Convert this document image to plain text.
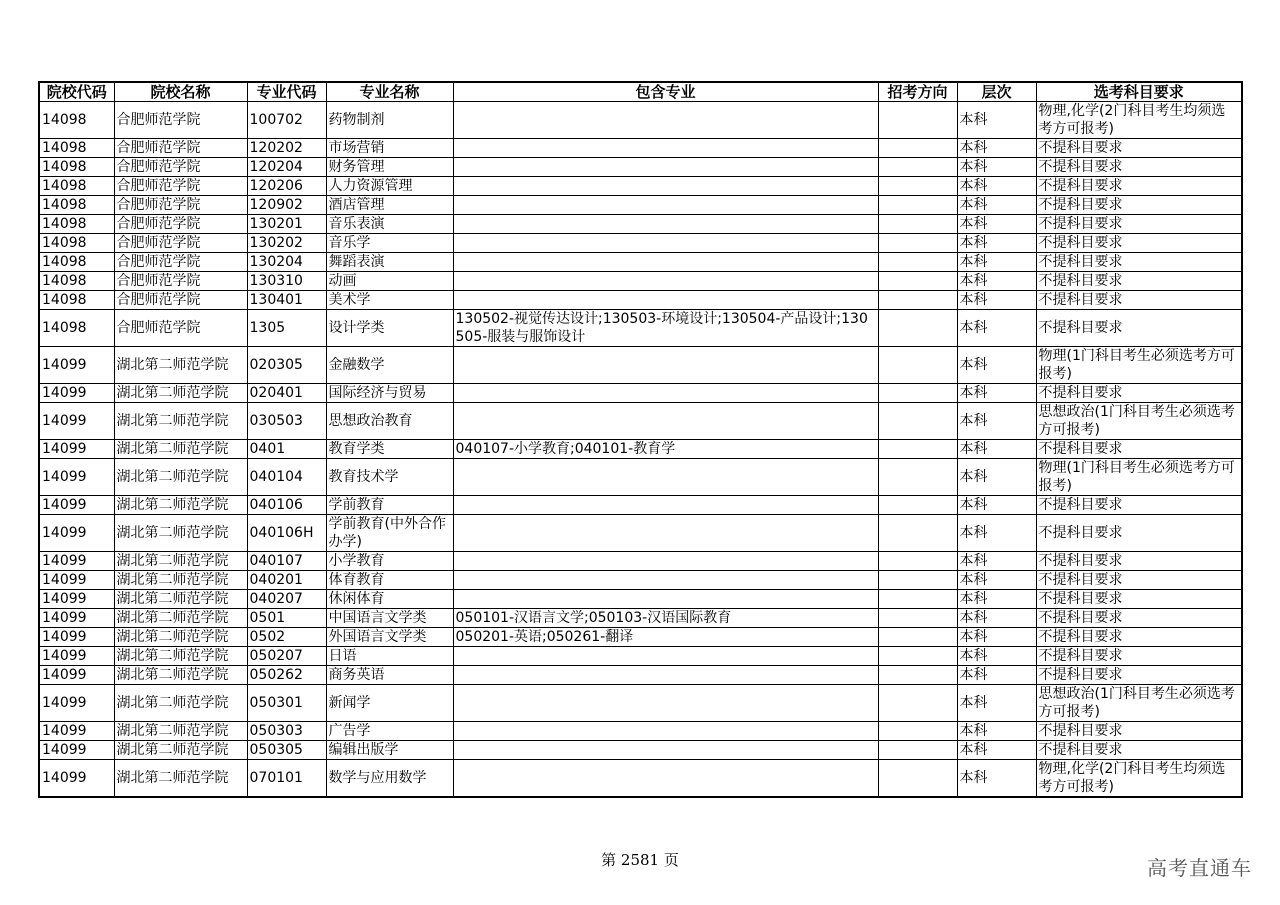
院校代码	院校名称	专业代码	专业名称	包含专业	招考方向	层次	选考科目要求
14098	合肥师范学院	100702	药物制剂			本科	物理,化学(2门科目考生均须选考方可报考)
14098	合肥师范学院	120202	市场营销			本科	不提科目要求
14098	合肥师范学院	120204	财务管理			本科	不提科目要求
14098	合肥师范学院	120206	人力资源管理			本科	不提科目要求
14098	合肥师范学院	120902	酒店管理			本科	不提科目要求
14098	合肥师范学院	130201	音乐表演			本科	不提科目要求
14098	合肥师范学院	130202	音乐学			本科	不提科目要求
14098	合肥师范学院	130204	舞蹈表演			本科	不提科目要求
14098	合肥师范学院	130310	动画			本科	不提科目要求
14098	合肥师范学院	130401	美术学			本科	不提科目要求
14098	合肥师范学院	1305	设计学类	130502-视觉传达设计;130503-环境设计;130504-产品设计;130505-服装与服饰设计		本科	不提科目要求
14099	湖北第二师范学院	020305	金融数学			本科	物理(1门科目考生必须选考方可报考)
14099	湖北第二师范学院	020401	国际经济与贸易			本科	不提科目要求
14099	湖北第二师范学院	030503	思想政治教育			本科	思想政治(1门科目考生必须选考方可报考)
14099	湖北第二师范学院	0401	教育学类	040107-小学教育;040101-教育学		本科	不提科目要求
14099	湖北第二师范学院	040104	教育技术学			本科	物理(1门科目考生必须选考方可报考)
14099	湖北第二师范学院	040106	学前教育			本科	不提科目要求
14099	湖北第二师范学院	040106H	学前教育(中外合作办学)			本科	不提科目要求
14099	湖北第二师范学院	040107	小学教育			本科	不提科目要求
14099	湖北第二师范学院	040201	体育教育			本科	不提科目要求
14099	湖北第二师范学院	040207	休闲体育			本科	不提科目要求
14099	湖北第二师范学院	0501	中国语言文学类	050101-汉语言文学;050103-汉语国际教育		本科	不提科目要求
14099	湖北第二师范学院	0502	外国语言文学类	050201-英语;050261-翻译		本科	不提科目要求
14099	湖北第二师范学院	050207	日语			本科	不提科目要求
14099	湖北第二师范学院	050262	商务英语			本科	不提科目要求
14099	湖北第二师范学院	050301	新闻学			本科	思想政治(1门科目考生必须选考方可报考)
14099	湖北第二师范学院	050303	广告学			本科	不提科目要求
14099	湖北第二师范学院	050305	编辑出版学			本科	不提科目要求
14099	湖北第二师范学院	070101	数学与应用数学			本科	物理,化学(2门科目考生均须选考方可报考)
第 2581 页	高考直通车
